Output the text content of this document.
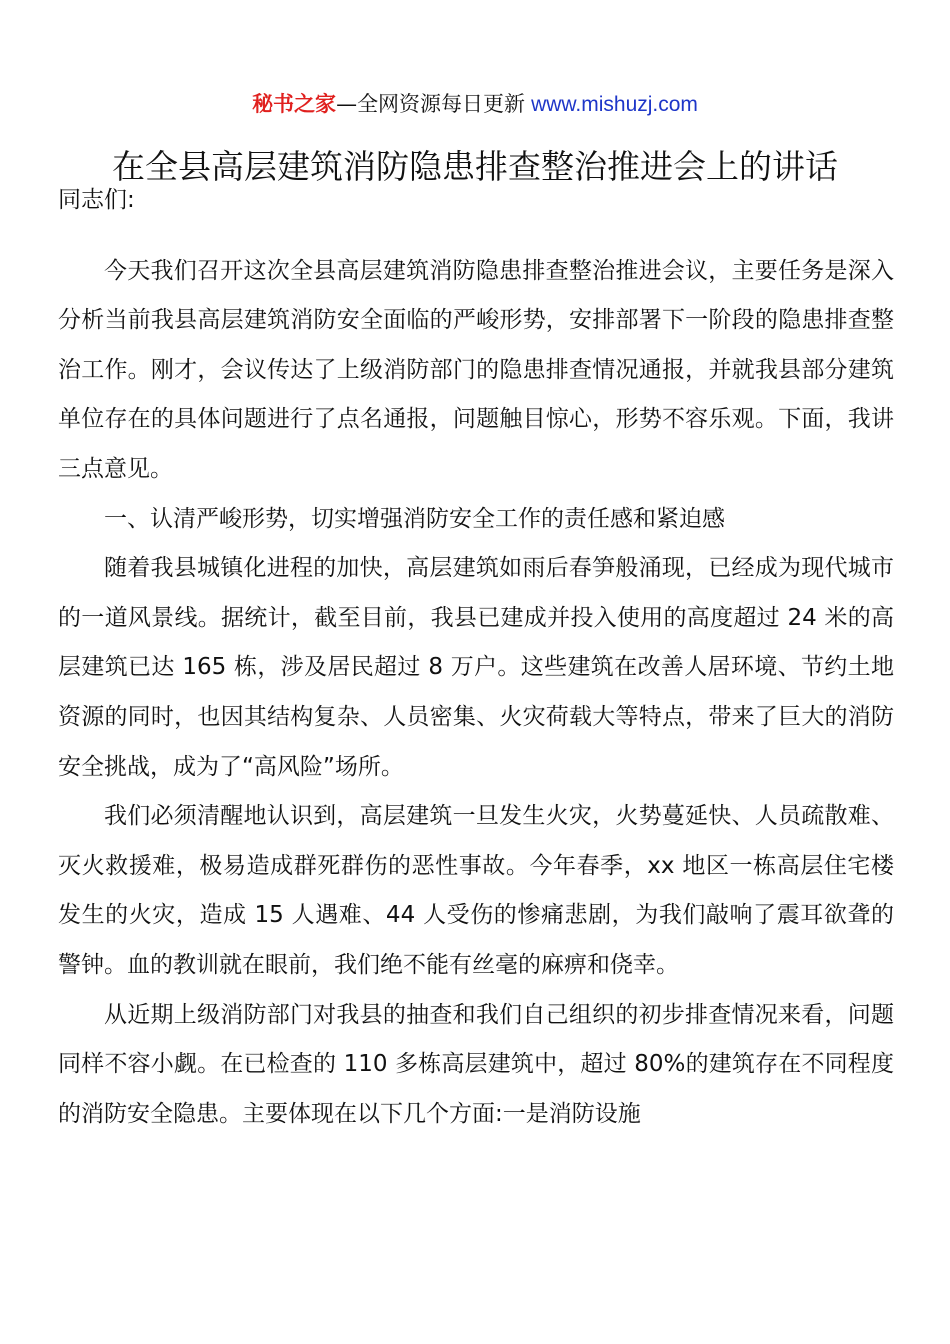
秘书之家—全网资源每日更新 www.mishuzj.com
在全县高层建筑消防隐患排查整治推进会上的讲话

同志们:

今天我们召开这次全县高层建筑消防隐患排查整治推进会议，主要任务是深入分析当前我县高层建筑消防安全面临的严峻形势，安排部署下一阶段的隐患排查整治工作。刚才，会议传达了上级消防部门的隐患排查情况通报，并就我县部分建筑单位存在的具体问题进行了点名通报，问题触目惊心，形势不容乐观。下面，我讲三点意见。

一、认清严峻形势，切实增强消防安全工作的责任感和紧迫感

随着我县城镇化进程的加快，高层建筑如雨后春笋般涌现，已经成为现代城市的一道风景线。据统计，截至目前，我县已建成并投入使用的高度超过 24 米的高层建筑已达 165 栋，涉及居民超过 8 万户。这些建筑在改善人居环境、节约土地资源的同时，也因其结构复杂、人员密集、火灾荷载大等特点，带来了巨大的消防安全挑战，成为了“高风险”场所。

我们必须清醒地认识到，高层建筑一旦发生火灾，火势蔓延快、人员疏散难、灭火救援难，极易造成群死群伤的恶性事故。今年春季，xx 地区一栋高层住宅楼发生的火灾，造成 15 人遇难、44 人受伤的惨痛悲剧，为我们敲响了震耳欲聋的警钟。血的教训就在眼前，我们绝不能有丝毫的麻痹和侥幸。

从近期上级消防部门对我县的抽查和我们自己组织的初步排查情况来看，问题同样不容小觑。在已检查的 110 多栋高层建筑中，超过 80%的建筑存在不同程度的消防安全隐患。主要体现在以下几个方面:一是消防设施
